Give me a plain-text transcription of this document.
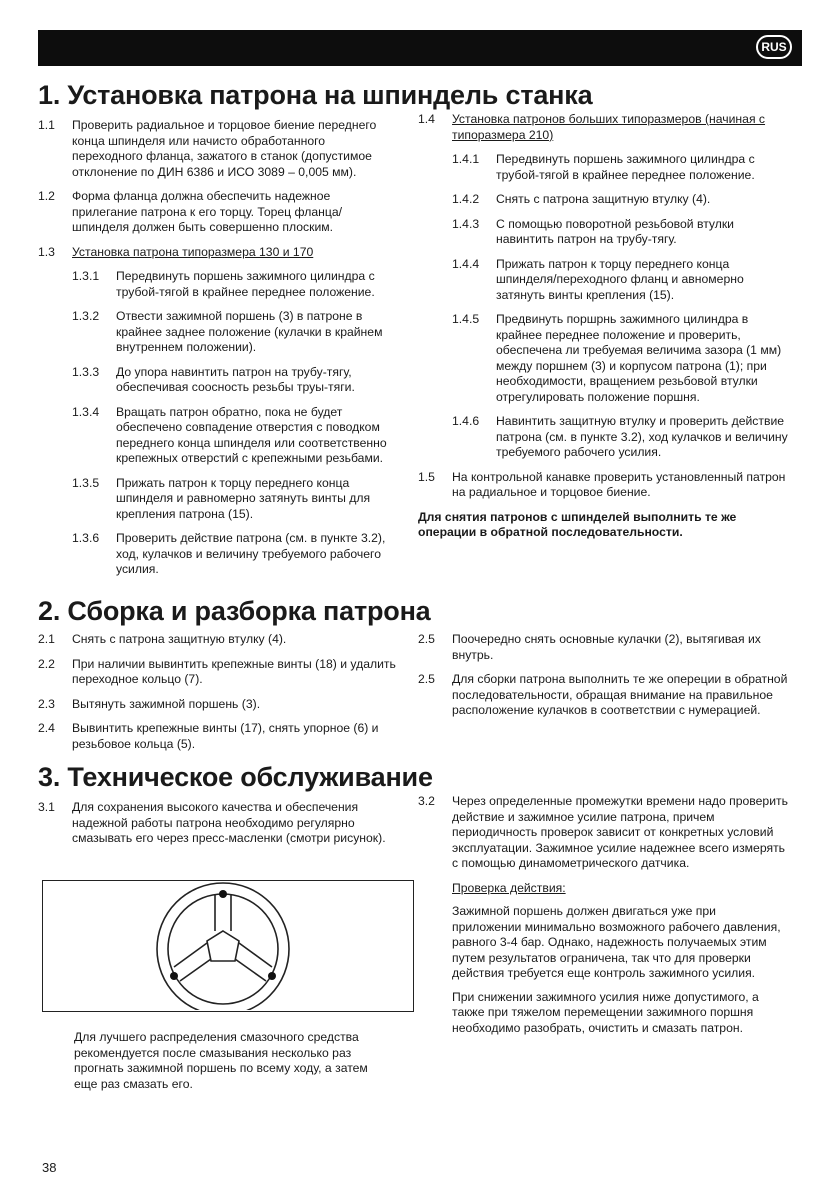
RUS
1. Установка патрона на шпиндель станка
1.1 Проверить радиальное и торцовое биение переднего конца шпинделя или начисто обработанного переходного фланца, зажатого в станок (допустимое отклонение по ДИН 6386 и ИСО 3089 – 0,005 мм).
1.2 Форма фланца должна обеспечить надежное прилегание патрона к его торцу. Торец фланца/шпинделя должен быть совершенно плоским.
1.3 Установка патрона типоразмера 130 и 170
1.3.1 Передвинуть поршень зажимного цилиндра с трубой-тягой в крайнее переднее положение.
1.3.2 Отвести зажимной поршень (3) в патроне в крайнее заднее положение (кулачки в крайнем внутреннем положении).
1.3.3 До упора навинтить патрон на трубу-тягу, обеспечивая соосность резьбы труы-тяги.
1.3.4 Вращать патрон обратно, пока не будет обеспечено совпадение отверстия с поводком переднего конца шпинделя или соответственно крепежных отверстий с крепежными резьбами.
1.3.5 Прижать патрон к торцу переднего конца шпинделя и равномерно затянуть винты для крепления патрона (15).
1.3.6 Проверить действие патрона (см. в пункте 3.2), ход, кулачков и величину требуемого рабочего усилия.
1.4 Установка патронов больших типоразмеров (начиная с типоразмера 210)
1.4.1 Передвинуть поршень зажимного цилиндра с трубой-тягой в крайнее переднее положение.
1.4.2 Снять с патрона защитную втулку (4).
1.4.3 С помощью поворотной резьбовой втулки навинтить патрон на трубу-тягу.
1.4.4 Прижать патрон к торцу переднего конца шпинделя/переходного фланц и авномерно затянуть винты крепления (15).
1.4.5 Предвинуть поршрнь зажимного цилиндра в крайнее переднее положение и проверить, обеспечена ли требуемая величима зазора (1 мм) между поршнем (3) и корпусом патрона (1); при необходимости, вращением резьбовой втулки отрегулировать положение поршня.
1.4.6 Навинтить защитную втулку и проверить действие патрона (см. в пункте 3.2), ход кулачков и величину требуемого рабочего усилия.
1.5 На контрольной канавке проверить установленный патрон на радиальное и торцовое биение.
Для снятия патронов с шпинделей выполнить те же операции в обратной последовательности.
2. Сборка и разборка патрона
2.1 Снять с патрона защитную втулку (4).
2.2 При наличии вывинтить крепежные винты (18) и удалить переходное кольцо (7).
2.3 Вытянуть зажимной поршень (3).
2.4 Вывинтить крепежные винты (17), снять упорное (6) и резьбовое кольца (5).
2.5 Поочередно снять основные кулачки (2), вытягивая их внутрь.
2.5 Для сборки патрона выполнить те же опереции в обратной последовательности, обращая внимание на правильное расположение кулачков в соответствии с нумерацией.
3. Техническое обслуживание
3.1 Для сохранения высокого качества и обеспечения надежной работы патрона необходимо регулярно смазывать его через пресс-масленки (смотри рисунок).
Для лучшего распределения смазочного средства рекомендуется после смазывания несколько раз прогнать зажимной поршень по всему ходу, а затем еще раз смазать его.
3.2 Через определенные промежутки времени надо проверить действие и зажимное усилие патрона, причем периодичность проверок зависит от конкретных условий эксплуатации. Зажимное усилие надежнее всего измерять с помощью динамометрического датчика.
Проверка действия:
Зажимной поршень должен двигаться уже при приложении минимально возможного рабочего давления, равного 3-4 бар. Однако, надежность получаемых этим путем результатов ограничена, так что для проверки действия требуется еще контроль зажимного усилия.
При снижении зажимного усилия ниже допустимого, а также при тяжелом перемещении зажимного поршня необходимо разобрать, очистить и смазать патрон.
38
